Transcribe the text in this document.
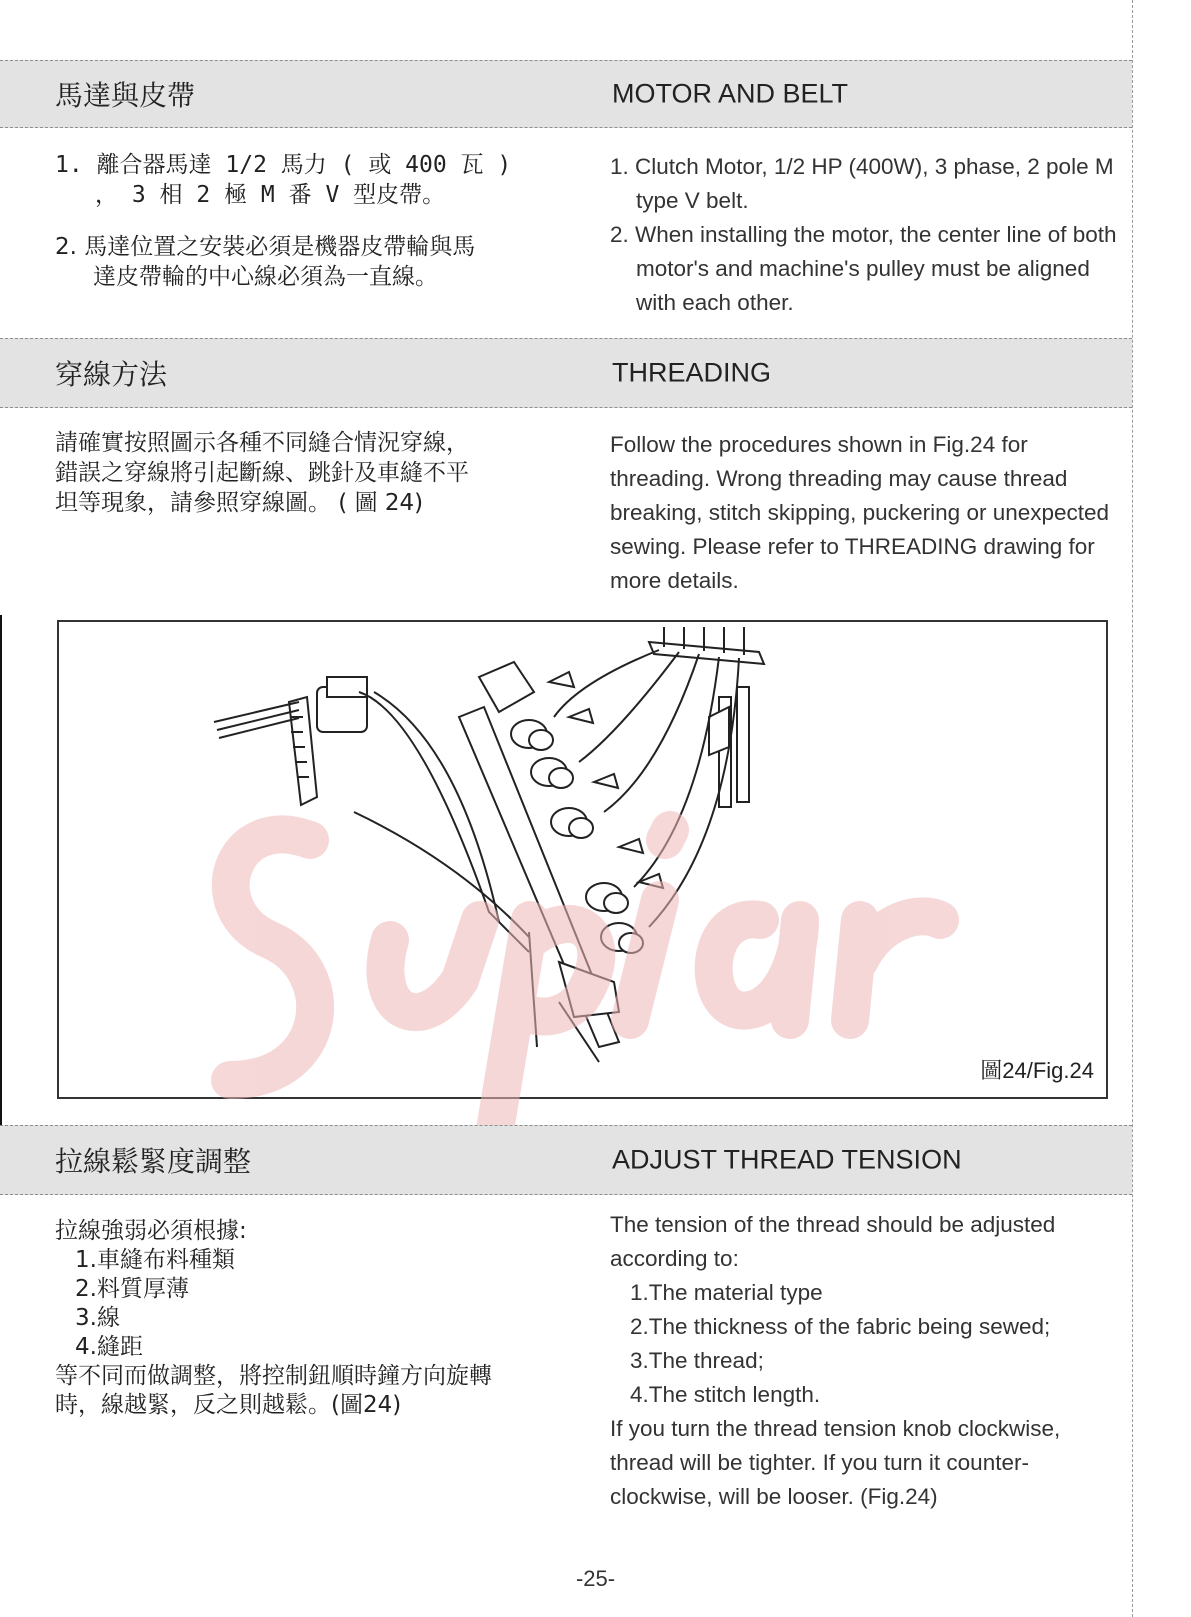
馬達與皮帶	MOTOR AND BELT

1. 離合器馬達 1/2 馬力 ( 或 400 瓦 )

， 3 相 2 極 M 番 V 型皮帶。

2. 馬達位置之安裝必須是機器皮帶輪與馬

達皮帶輪的中心線必須為一直線。

1. Clutch Motor, 1/2 HP (400W), 3 phase, 2 pole M type V belt.

2. When installing the motor, the center line of both motor's and machine's pulley must be aligned with each other.

穿線方法	THREADING

請確實按照圖示各種不同縫合情況穿線，

錯誤之穿線將引起斷線、跳針及車縫不平

坦等現象，請參照穿線圖。 ( 圖 24)

Follow the procedures shown in Fig.24 for threading. Wrong threading may cause thread breaking, stitch skipping, puckering or unexpected sewing. Please refer to THREADING drawing for more details.

圖24/Fig.24
拉線鬆緊度調整	ADJUST THREAD TENSION

拉線強弱必須根據:

1.車縫布料種類

2.料質厚薄

3.線

4.縫距

等不同而做調整，將控制鈕順時鐘方向旋轉

時，線越緊，反之則越鬆。(圖24)

The tension of the thread should be adjusted according to:

1.The material type

2.The thickness of the fabric being sewed;

3.The thread;

4.The stitch length.

If you turn the thread tension knob clockwise, thread will be tighter. If you turn it counter-clockwise, will be looser. (Fig.24)

-25-
